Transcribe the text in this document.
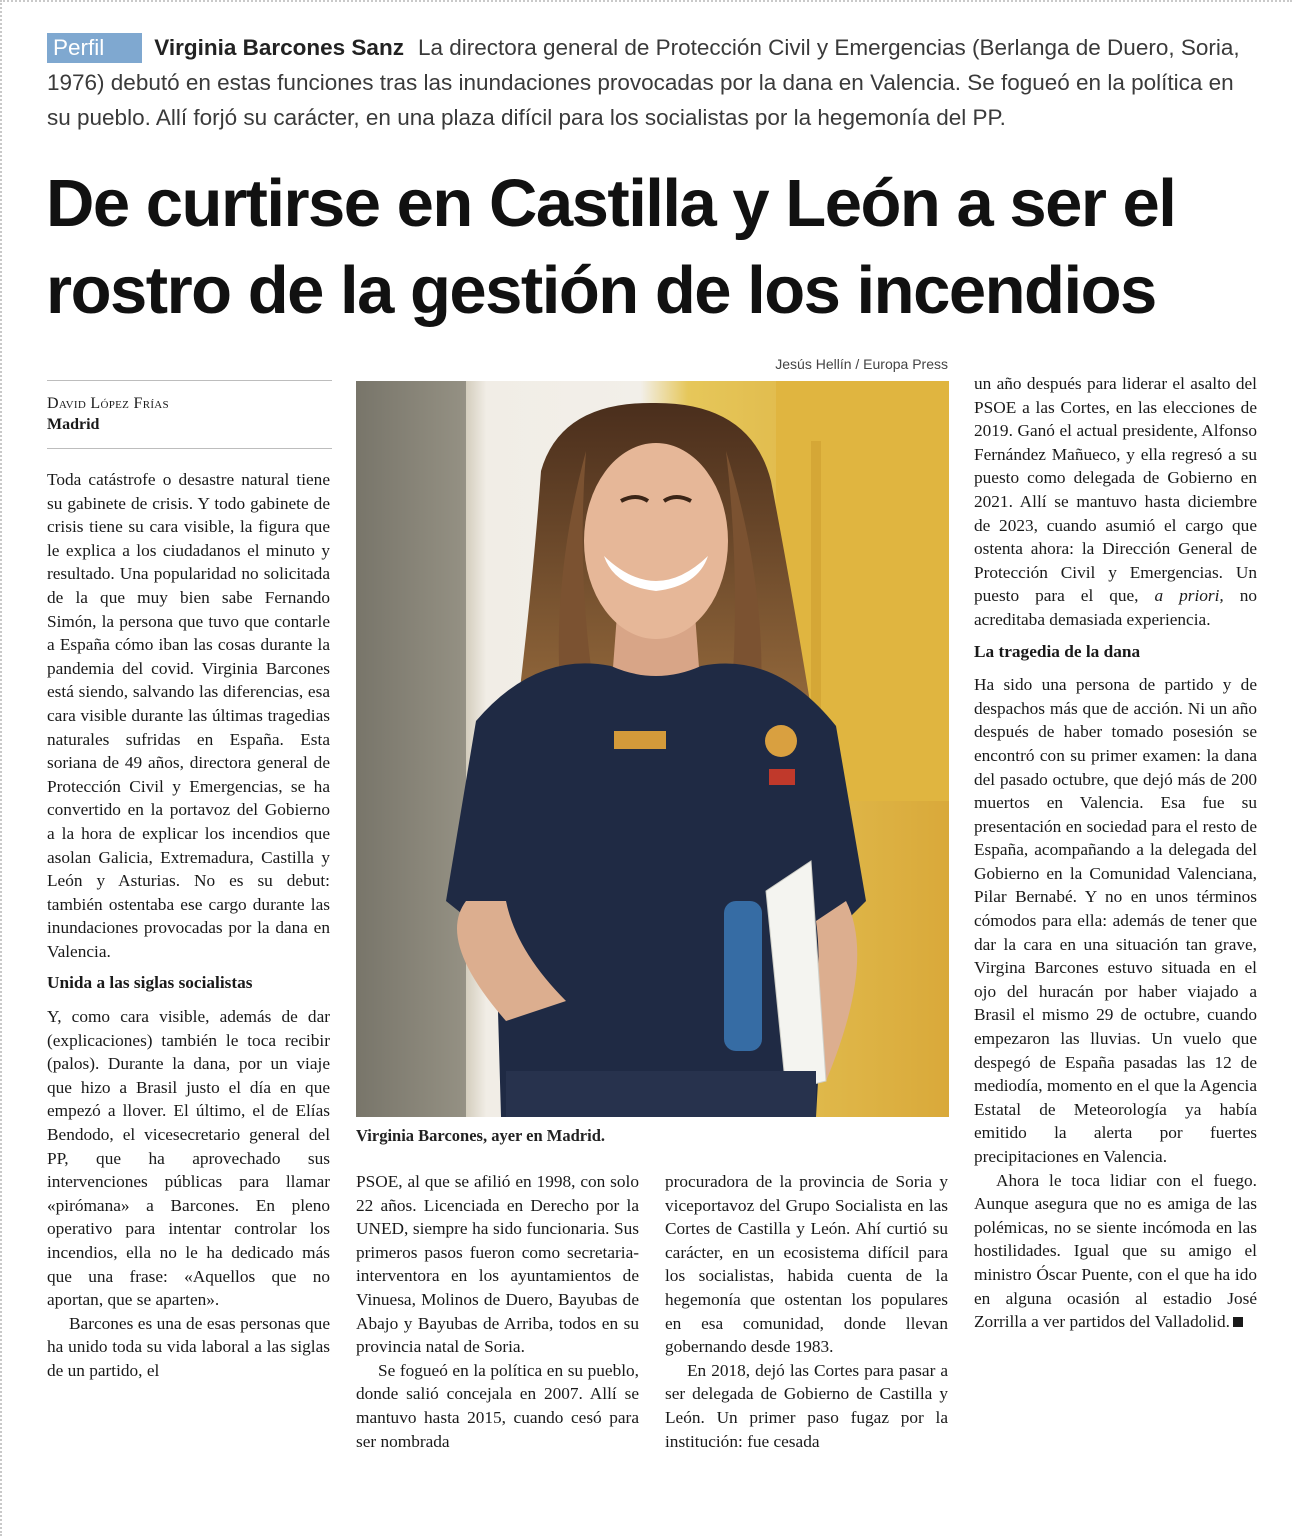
Perfil Virginia Barcones Sanz La directora general de Protección Civil y Emergencias (Berlanga de Duero, Soria, 1976) debutó en estas funciones tras las inundaciones provocadas por la dana en Valencia. Se fogueó en la política en su pueblo. Allí forjó su carácter, en una plaza difícil para los socialistas por la hegemonía del PP.
De curtirse en Castilla y León a ser el
rostro de la gestión de los incendios
David López Frías
Madrid

Toda catástrofe o desastre natural tiene su gabinete de crisis. Y todo gabinete de crisis tiene su cara visible, la figura que le explica a los ciudadanos el minuto y resultado. Una popularidad no solicitada de la que muy bien sabe Fernando Simón, la persona que tuvo que contarle a España cómo iban las cosas durante la pandemia del covid. Virginia Barcones está siendo, salvando las diferencias, esa cara visible durante las últimas tragedias naturales sufridas en España. Esta soriana de 49 años, directora general de Protección Civil y Emergencias, se ha convertido en la portavoz del Gobierno a la hora de explicar los incendios que asolan Galicia, Extremadura, Castilla y León y Asturias. No es su debut: también ostentaba ese cargo durante las inundaciones provocadas por la dana en Valencia.

Unida a las siglas socialistas

Y, como cara visible, además de dar (explicaciones) también le toca recibir (palos). Durante la dana, por un viaje que hizo a Brasil justo el día en que empezó a llover. El último, el de Elías Bendodo, el vicesecretario general del PP, que ha aprovechado sus intervenciones públicas para llamar «pirómana» a Barcones. En pleno operativo para intentar controlar los incendios, ella no le ha dedicado más que una frase: «Aquellos que no aportan, que se aparten».

Barcones es una de esas personas que ha unido toda su vida laboral a las siglas de un partido, el

Jesús Hellín / Europa Press
Virginia Barcones, ayer en Madrid.

PSOE, al que se afilió en 1998, con solo 22 años. Licenciada en Derecho por la UNED, siempre ha sido funcionaria. Sus primeros pasos fueron como secretaria-interventora en los ayuntamientos de Vinuesa, Molinos de Duero, Bayubas de Abajo y Bayubas de Arriba, todos en su provincia natal de Soria.

Se fogueó en la política en su pueblo, donde salió concejala en 2007. Allí se mantuvo hasta 2015, cuando cesó para ser nombrada

procuradora de la provincia de Soria y viceportavoz del Grupo Socialista en las Cortes de Castilla y León. Ahí curtió su carácter, en un ecosistema difícil para los socialistas, habida cuenta de la hegemonía que ostentan los populares en esa comunidad, donde llevan gobernando desde 1983.

En 2018, dejó las Cortes para pasar a ser delegada de Gobierno de Castilla y León. Un primer paso fugaz por la institución: fue cesada

un año después para liderar el asalto del PSOE a las Cortes, en las elecciones de 2019. Ganó el actual presidente, Alfonso Fernández Mañueco, y ella regresó a su puesto como delegada de Gobierno en 2021. Allí se mantuvo hasta diciembre de 2023, cuando asumió el cargo que ostenta ahora: la Dirección General de Protección Civil y Emergencias. Un puesto para el que, a priori, no acreditaba demasiada experiencia.

La tragedia de la dana

Ha sido una persona de partido y de despachos más que de acción. Ni un año después de haber tomado posesión se encontró con su primer examen: la dana del pasado octubre, que dejó más de 200 muertos en Valencia. Esa fue su presentación en sociedad para el resto de España, acompañando a la delegada del Gobierno en la Comunidad Valenciana, Pilar Bernabé. Y no en unos términos cómodos para ella: además de tener que dar la cara en una situación tan grave, Virgina Barcones estuvo situada en el ojo del huracán por haber viajado a Brasil el mismo 29 de octubre, cuando empezaron las lluvias. Un vuelo que despegó de España pasadas las 12 de mediodía, momento en el que la Agencia Estatal de Meteorología ya había emitido la alerta por fuertes precipitaciones en Valencia.

Ahora le toca lidiar con el fuego. Aunque asegura que no es amiga de las polémicas, no se siente incómoda en las hostilidades. Igual que su amigo el ministro Óscar Puente, con el que ha ido en alguna ocasión al estadio José Zorrilla a ver partidos del Valladolid.
